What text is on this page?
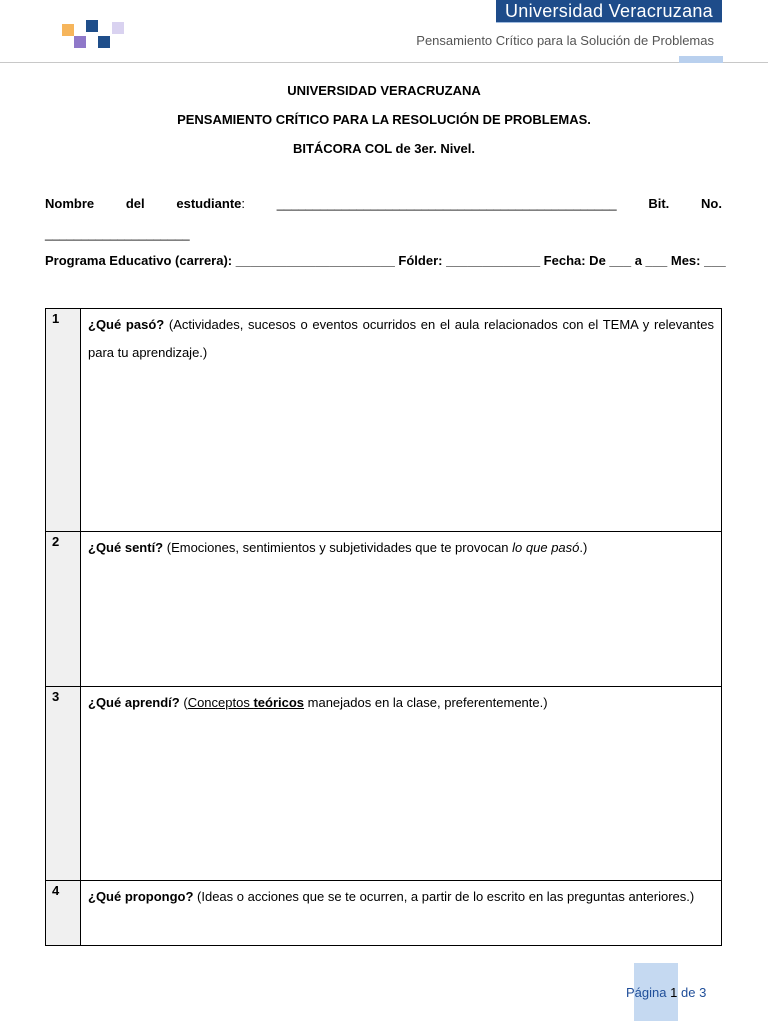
Universidad Veracruzana
Pensamiento Crítico para la Solución de Problemas
UNIVERSIDAD VERACRUZANA
PENSAMIENTO CRÍTICO PARA LA RESOLUCIÓN DE PROBLEMAS.
BITÁCORA COL de 3er. Nivel.
Nombre del estudiante: _______________________________________________ Bit. No.
____________________
Programa Educativo (carrera): ______________________ Fólder: _____________ Fecha: De ___ a ___ Mes: ___
1	¿Qué pasó? (Actividades, sucesos o eventos ocurridos en el aula relacionados con el TEMA y relevantes para tu aprendizaje.)
2	¿Qué sentí? (Emociones, sentimientos y subjetividades que te provocan lo que pasó.)
3	¿Qué aprendí? (Conceptos teóricos manejados en la clase, preferentemente.)
4	¿Qué propongo? (Ideas o acciones que se te ocurren, a partir de lo escrito en las preguntas anteriores.)
Página 1 de 3
